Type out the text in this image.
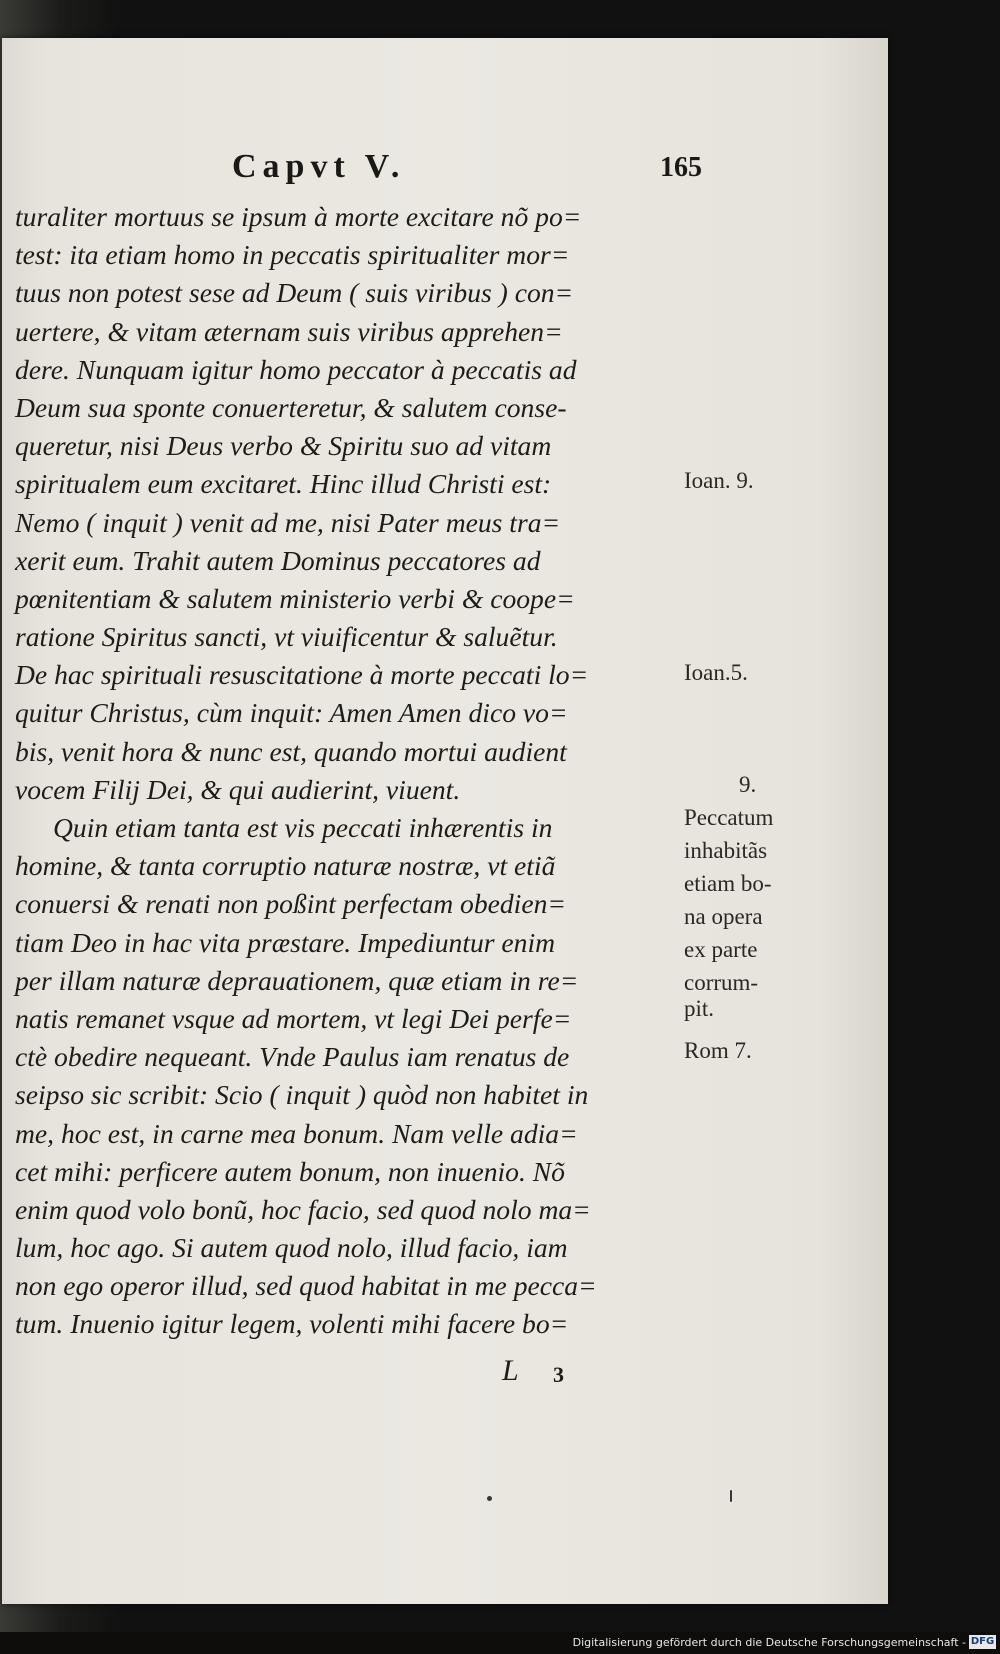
Capvt V.	165
turaliter mortuus se ipsum à morte excitare nõ po=
test: ita etiam homo in peccatis spiritualiter mor=
tuus non potest sese ad Deum ( suis viribus ) con=
uertere, & vitam æternam suis viribus apprehen=
dere. Nunquam igitur homo peccator à peccatis ad
Deum sua sponte conuerteretur, & salutem conse-
queretur, nisi Deus verbo & Spiritu suo ad vitam
spiritualem eum excitaret. Hinc illud Christi est:
Nemo ( inquit ) venit ad me, nisi Pater meus tra=
xerit eum. Trahit autem Dominus peccatores ad
pœnitentiam & salutem ministerio verbi & coope=
ratione Spiritus sancti, vt viuificentur & saluẽtur.
De hac spirituali resuscitatione à morte peccati lo=
quitur Christus, cùm inquit: Amen Amen dico vo=
bis, venit hora & nunc est, quando mortui audient
vocem Filij Dei, & qui audierint, viuent.
Quin etiam tanta est vis peccati inhærentis in
homine, & tanta corruptio naturæ nostræ, vt etiã
conuersi & renati non poßint perfectam obedien=
tiam Deo in hac vita præstare. Impediuntur enim
per illam naturæ deprauationem, quæ etiam in re=
natis remanet vsque ad mortem, vt legi Dei perfe=
ctè obedire nequeant. Vnde Paulus iam renatus de
seipso sic scribit: Scio ( inquit ) quòd non habitet in
me, hoc est, in carne mea bonum. Nam velle adia=
cet mihi: perficere autem bonum, non inuenio. Nõ
enim quod volo bonũ, hoc facio, sed quod nolo ma=
lum, hoc ago. Si autem quod nolo, illud facio, iam
non ego operor illud, sed quod habitat in me pecca=
tum. Inuenio igitur legem, volenti mihi facere bo=
Ioan. 9.
Ioan.5.
9.
Peccatum
inhabitãs
etiam bo-
na opera
ex parte
corrum-
pit.
Rom 7.
L 3
Digitalisierung gefördert durch die Deutsche Forschungsgemeinschaft - DFG
